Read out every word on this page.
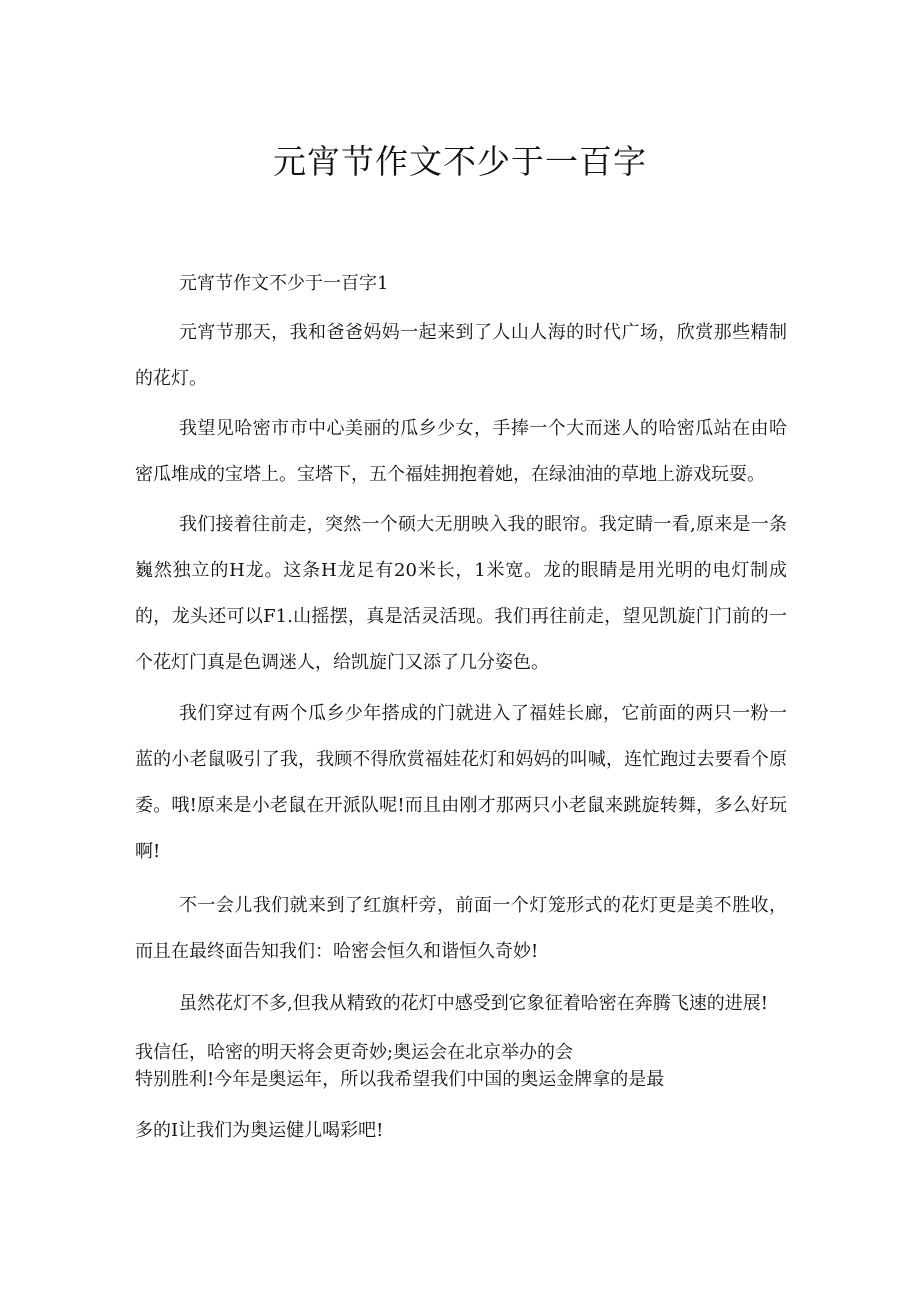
元宵节作文不少于一百字
元宵节作文不少于一百字1

元宵节那天，我和爸爸妈妈一起来到了人山人海的时代广场，欣赏那些精制的花灯。

我望见哈密市市中心美丽的瓜乡少女，手捧一个大而迷人的哈密瓜站在由哈密瓜堆成的宝塔上。宝塔下，五个福娃拥抱着她，在绿油油的草地上游戏玩耍。

我们接着往前走，突然一个硕大无朋映入我的眼帘。我定睛一看,原来是一条巍然独立的H龙。这条H龙足有20米长，1米宽。龙的眼睛是用光明的电灯制成的，龙头还可以F1.山摇摆，真是活灵活现。我们再往前走，望见凯旋门门前的一个花灯门真是色调迷人，给凯旋门又添了几分姿色。

我们穿过有两个瓜乡少年搭成的门就进入了福娃长廊，它前面的两只一粉一蓝的小老鼠吸引了我，我顾不得欣赏福娃花灯和妈妈的叫喊，连忙跑过去要看个原委。哦!原来是小老鼠在开派队呢!而且由刚才那两只小老鼠来跳旋转舞，多么好玩啊!

不一会儿我们就来到了红旗杆旁，前面一个灯笼形式的花灯更是美不胜收，而且在最终面告知我们：哈密会恒久和谐恒久奇妙!

虽然花灯不多,但我从精致的花灯中感受到它象征着哈密在奔腾飞速的进展!
我信任，哈密的明天将会更奇妙;奥运会在北京举办的会
特别胜利!今年是奥运年，所以我希望我们中国的奥运金牌拿的是最
多的I让我们为奥运健儿喝彩吧!
